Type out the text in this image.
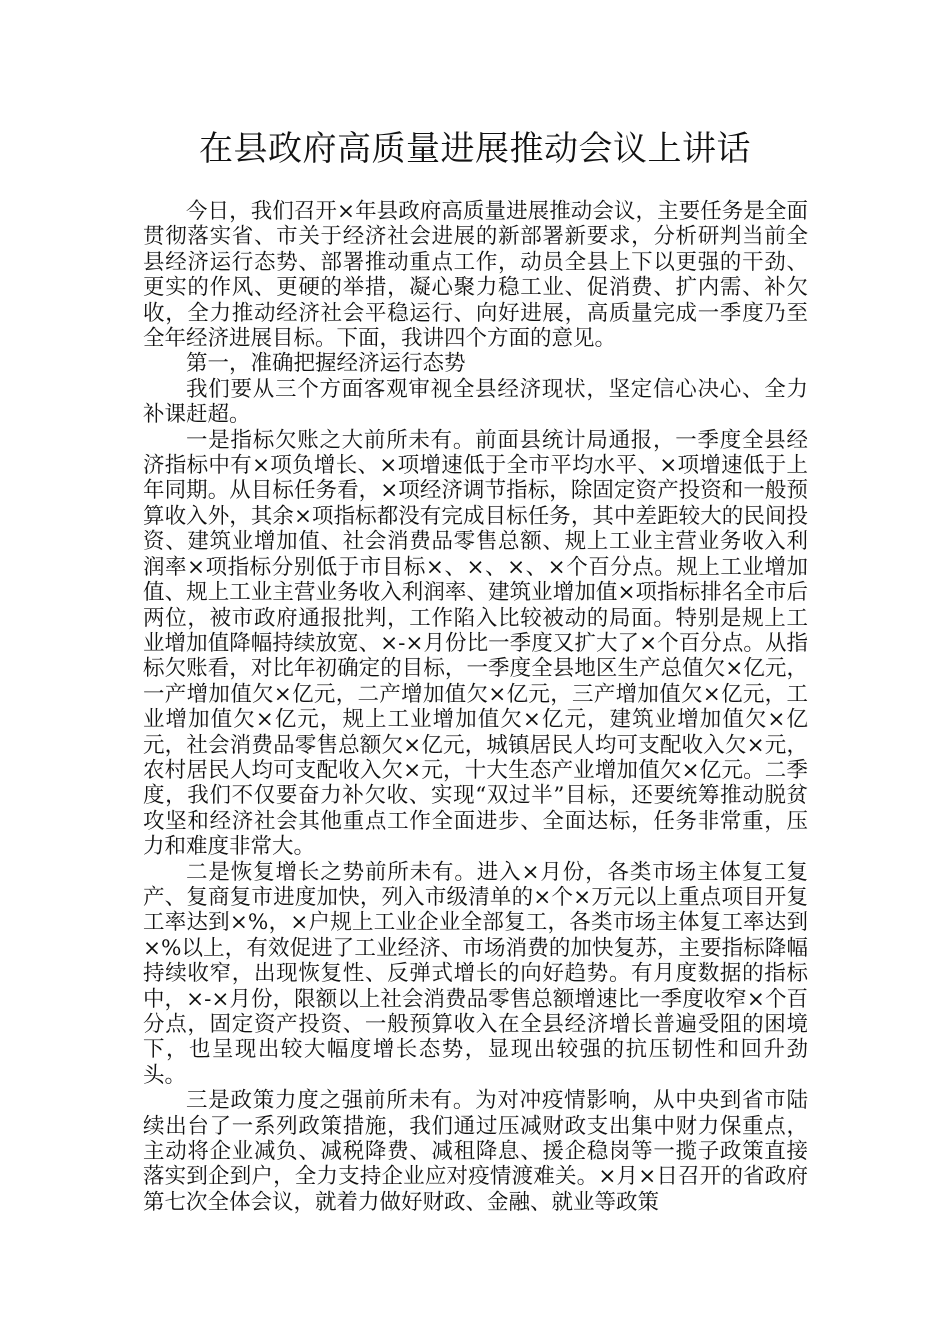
在县政府高质量进展推动会议上讲话

今日，我们召开×年县政府高质量进展推动会议，主要任务是全面贯彻落实省、市关于经济社会进展的新部署新要求，分析研判当前全县经济运行态势、部署推动重点工作，动员全县上下以更强的干劲、更实的作风、更硬的举措，凝心聚力稳工业、促消费、扩内需、补欠收，全力推动经济社会平稳运行、向好进展，高质量完成一季度乃至全年经济进展目标。下面，我讲四个方面的意见。

第一，准确把握经济运行态势

我们要从三个方面客观审视全县经济现状，坚定信心决心、全力补课赶超。

一是指标欠账之大前所未有。前面县统计局通报，一季度全县经济指标中有×项负增长、×项增速低于全市平均水平、×项增速低于上年同期。从目标任务看，×项经济调节指标，除固定资产投资和一般预算收入外，其余×项指标都没有完成目标任务，其中差距较大的民间投资、建筑业增加值、社会消费品零售总额、规上工业主营业务收入利润率×项指标分别低于市目标×、×、×、×个百分点。规上工业增加值、规上工业主营业务收入利润率、建筑业增加值×项指标排名全市后两位，被市政府通报批判，工作陷入比较被动的局面。特别是规上工业增加值降幅持续放宽、×-×月份比一季度又扩大了×个百分点。从指标欠账看，对比年初确定的目标，一季度全县地区生产总值欠×亿元，一产增加值欠×亿元，二产增加值欠×亿元，三产增加值欠×亿元，工业增加值欠×亿元，规上工业增加值欠×亿元，建筑业增加值欠×亿元，社会消费品零售总额欠×亿元，城镇居民人均可支配收入欠×元，农村居民人均可支配收入欠×元，十大生态产业增加值欠×亿元。二季度，我们不仅要奋力补欠收、实现“双过半”目标，还要统筹推动脱贫攻坚和经济社会其他重点工作全面进步、全面达标，任务非常重，压力和难度非常大。

二是恢复增长之势前所未有。进入×月份，各类市场主体复工复产、复商复市进度加快，列入市级清单的×个×万元以上重点项目开复工率达到×%，×户规上工业企业全部复工，各类市场主体复工率达到×%以上，有效促进了工业经济、市场消费的加快复苏，主要指标降幅持续收窄，出现恢复性、反弹式增长的向好趋势。有月度数据的指标中，×-×月份，限额以上社会消费品零售总额增速比一季度收窄×个百分点，固定资产投资、一般预算收入在全县经济增长普遍受阻的困境下，也呈现出较大幅度增长态势，显现出较强的抗压韧性和回升劲头。

三是政策力度之强前所未有。为对冲疫情影响，从中央到省市陆续出台了一系列政策措施，我们通过压减财政支出集中财力保重点，主动将企业减负、减税降费、减租降息、援企稳岗等一揽子政策直接落实到企到户，全力支持企业应对疫情渡难关。×月×日召开的省政府第七次全体会议，就着力做好财政、金融、就业等政策
